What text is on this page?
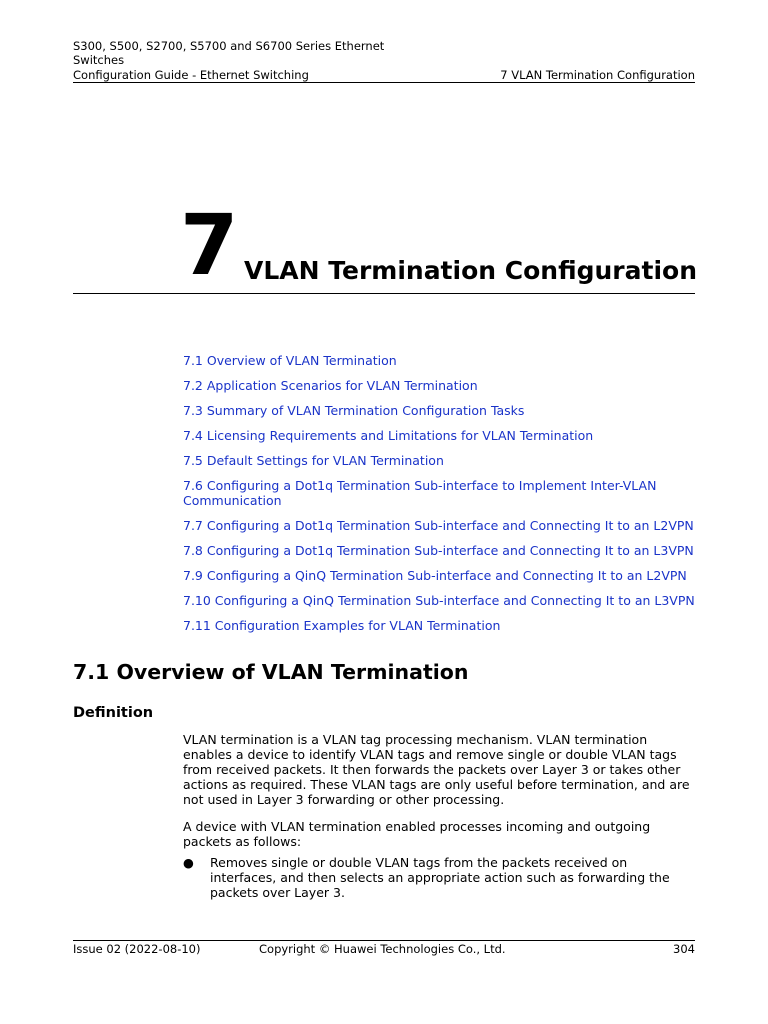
S300, S500, S2700, S5700 and S6700 Series Ethernet
Switches
Configuration Guide - Ethernet Switching	7 VLAN Termination Configuration
7 VLAN Termination Configuration
7.1 Overview of VLAN Termination
7.2 Application Scenarios for VLAN Termination
7.3 Summary of VLAN Termination Configuration Tasks
7.4 Licensing Requirements and Limitations for VLAN Termination
7.5 Default Settings for VLAN Termination
7.6 Configuring a Dot1q Termination Sub-interface to Implement Inter-VLAN Communication
7.7 Configuring a Dot1q Termination Sub-interface and Connecting It to an L2VPN
7.8 Configuring a Dot1q Termination Sub-interface and Connecting It to an L3VPN
7.9 Configuring a QinQ Termination Sub-interface and Connecting It to an L2VPN
7.10 Configuring a QinQ Termination Sub-interface and Connecting It to an L3VPN
7.11 Configuration Examples for VLAN Termination
7.1 Overview of VLAN Termination
Definition

VLAN termination is a VLAN tag processing mechanism. VLAN termination enables a device to identify VLAN tags and remove single or double VLAN tags from received packets. It then forwards the packets over Layer 3 or takes other actions as required. These VLAN tags are only useful before termination, and are not used in Layer 3 forwarding or other processing.

A device with VLAN termination enabled processes incoming and outgoing packets as follows:

● Removes single or double VLAN tags from the packets received on interfaces, and then selects an appropriate action such as forwarding the packets over Layer 3.
Issue 02 (2022-08-10)	Copyright © Huawei Technologies Co., Ltd.	304
